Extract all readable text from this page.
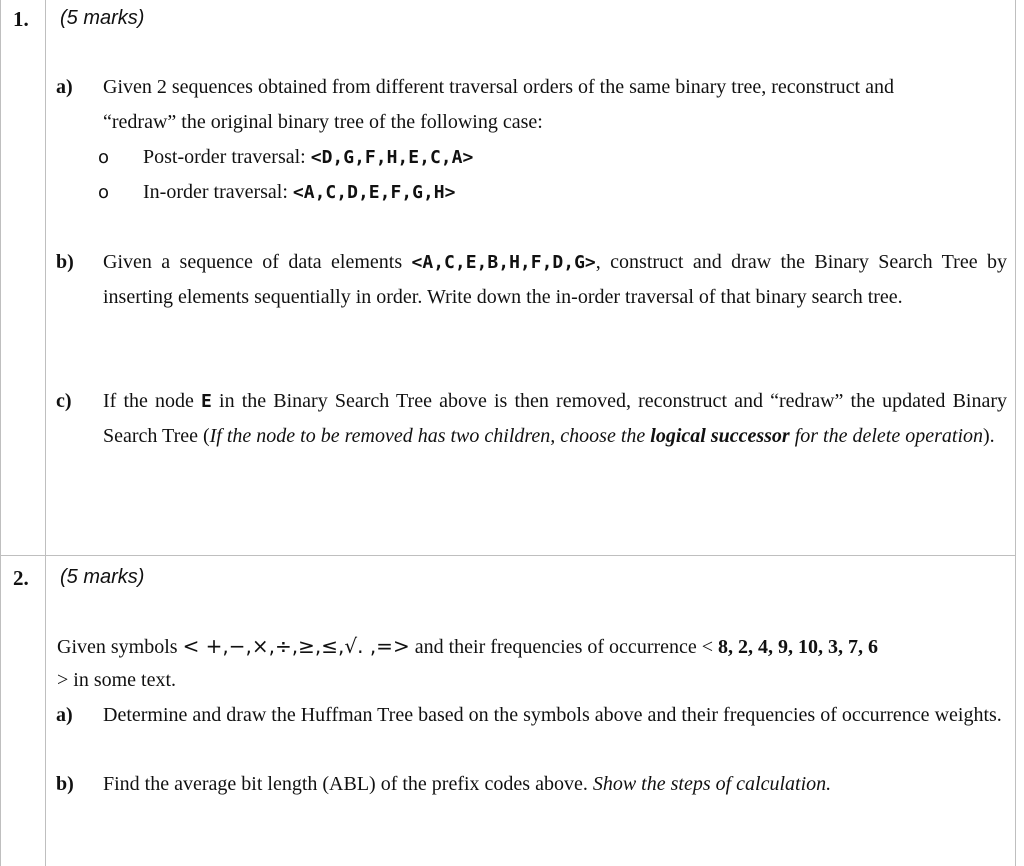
1. (5 marks)
a) Given 2 sequences obtained from different traversal orders of the same binary tree, reconstruct and
“redraw” the original binary tree of the following case:
o Post-order traversal: <D,G,F,H,E,C,A>
o In-order traversal: <A,C,D,E,F,G,H>
b) Given a sequence of data elements <A,C,E,B,H,F,D,G>, construct and draw the Binary Search Tree by inserting elements sequentially in order. Write down the in-order traversal of that binary search tree.
c) If the node E in the Binary Search Tree above is then removed, reconstruct and “redraw” the updated Binary Search Tree (If the node to be removed has two children, choose the logical successor for the delete operation).
2. (5 marks)
Given symbols < +,−,×,÷,≥,≤,√. ,=> and their frequencies of occurrence < 8, 2, 4, 9, 10, 3, 7, 6
> in some text.
a) Determine and draw the Huffman Tree based on the symbols above and their frequencies of occurrence weights.
b) Find the average bit length (ABL) of the prefix codes above. Show the steps of calculation.
